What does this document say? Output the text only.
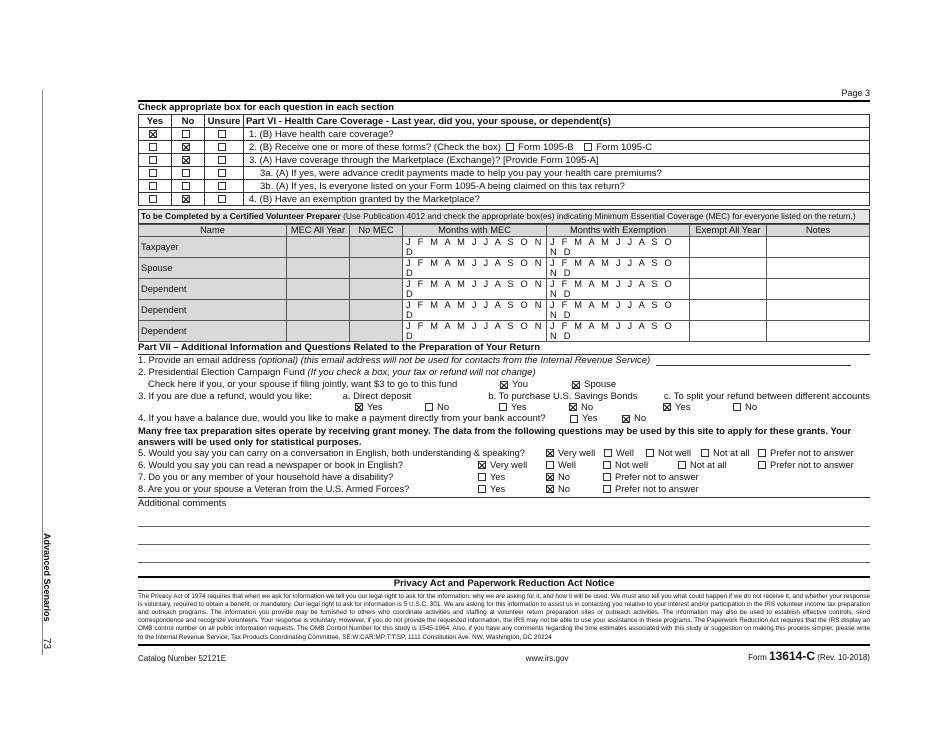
Advanced Scenarios
73
Page 3
Check appropriate box for each question in each section
Yes	No	Unsure	Part VI - Health Care Coverage - Last year, did you, your spouse, or dependent(s)
			1. (B) Have health care coverage?
			2. (B) Receive one or more of these forms? (Check the box) Form 1095-B Form 1095-C
			3. (A) Have coverage through the Marketplace (Exchange)? [Provide Form 1095-A]
			3a. (A) If yes, were advance credit payments made to help you pay your health care premiums?
			3b. (A) If yes, Is everyone listed on your Form 1095-A being claimed on this tax return?
			4. (B) Have an exemption granted by the Marketplace?
To be Completed by a Certified Volunteer Preparer (Use Publication 4012 and check the appropriate box(es) indicating Minimum Essential Coverage (MEC) for everyone listed on the return.)
Name	MEC All Year	No MEC	Months with MEC	Months with Exemption	Exempt All Year	Notes
Taxpayer			J F M A M J J A S O N D	J F M A M J J A S O N D		
Spouse			J F M A M J J A S O N D	J F M A M J J A S O N D		
Dependent			J F M A M J J A S O N D	J F M A M J J A S O N D		
Dependent			J F M A M J J A S O N D	J F M A M J J A S O N D		
Dependent			J F M A M J J A S O N D	J F M A M J J A S O N D		
Part VII – Additional Information and Questions Related to the Preparation of Your Return
1. Provide an email address
(optional) (this email address will not be used for contacts from the Internal Revenue Service)
2. Presidential Election Campaign Fund
(If you check a box, your tax or refund will not change)
Check here if you, or your spouse if filing jointly, want $3 to go to this fund	You	Spouse
3. If you are due a refund, would you like:	a. Direct deposit	b. To purchase U.S. Savings Bonds	c. To split your refund between different accounts
Yes	No	Yes	No	Yes	No
4. If you have a balance due, would you like to make a payment directly from your bank account?	Yes	No
Many free tax preparation sites operate by receiving grant money. The data from the following questions may be used by this site to apply for these grants. Your answers will be used only for statistical purposes.
5. Would you say you can carry on a conversation in English, both understanding & speaking?	Very well	Well	Not well	Not at all	Prefer not to answer
6. Would you say you can read a newspaper or book in English?	Very well	Well	Not well	Not at all	Prefer not to answer
7. Do you or any member of your household have a disability?	Yes	No	Prefer not to answer
8. Are you or your spouse a Veteran from the U.S. Armed Forces?	Yes	No	Prefer not to answer
Additional comments
Privacy Act and Paperwork Reduction Act Notice
The Privacy Act of 1974 requires that when we ask for information we tell you our legal right to ask for the information, why we are asking for it, and how it will be used. We must also tell you what could happen if we do not receive it, and whether your response is voluntary, required to obtain a benefit, or mandatory. Our legal right to ask for information is 5 U.S.C. 301. We are asking for this information to assist us in contacting you relative to your interest and/or participation in the IRS volunteer income tax preparation and outreach programs. The information you provide may be furnished to others who coordinate activities and staffing at volunteer return preparation sites or outreach activities. The information may also be used to establish effective controls, send correspondence and recognize volunteers. Your response is voluntary. However, if you do not provide the requested information, the IRS may not be able to use your assistance in these programs. The Paperwork Reduction Act requires that the IRS display an OMB control number on all public information requests. The OMB Control Number for this study is 1545-1964. Also, if you have any comments regarding the time estimates associated with this study or suggestion on making this process simpler, please write to the Internal Revenue Service, Tax Products Coordinating Committee, SE:W:CAR:MP:T:T:SP, 1111 Constitution Ave. NW, Washington, DC 20224
Catalog Number 52121E	www.irs.gov	Form 13614-C (Rev. 10-2018)
